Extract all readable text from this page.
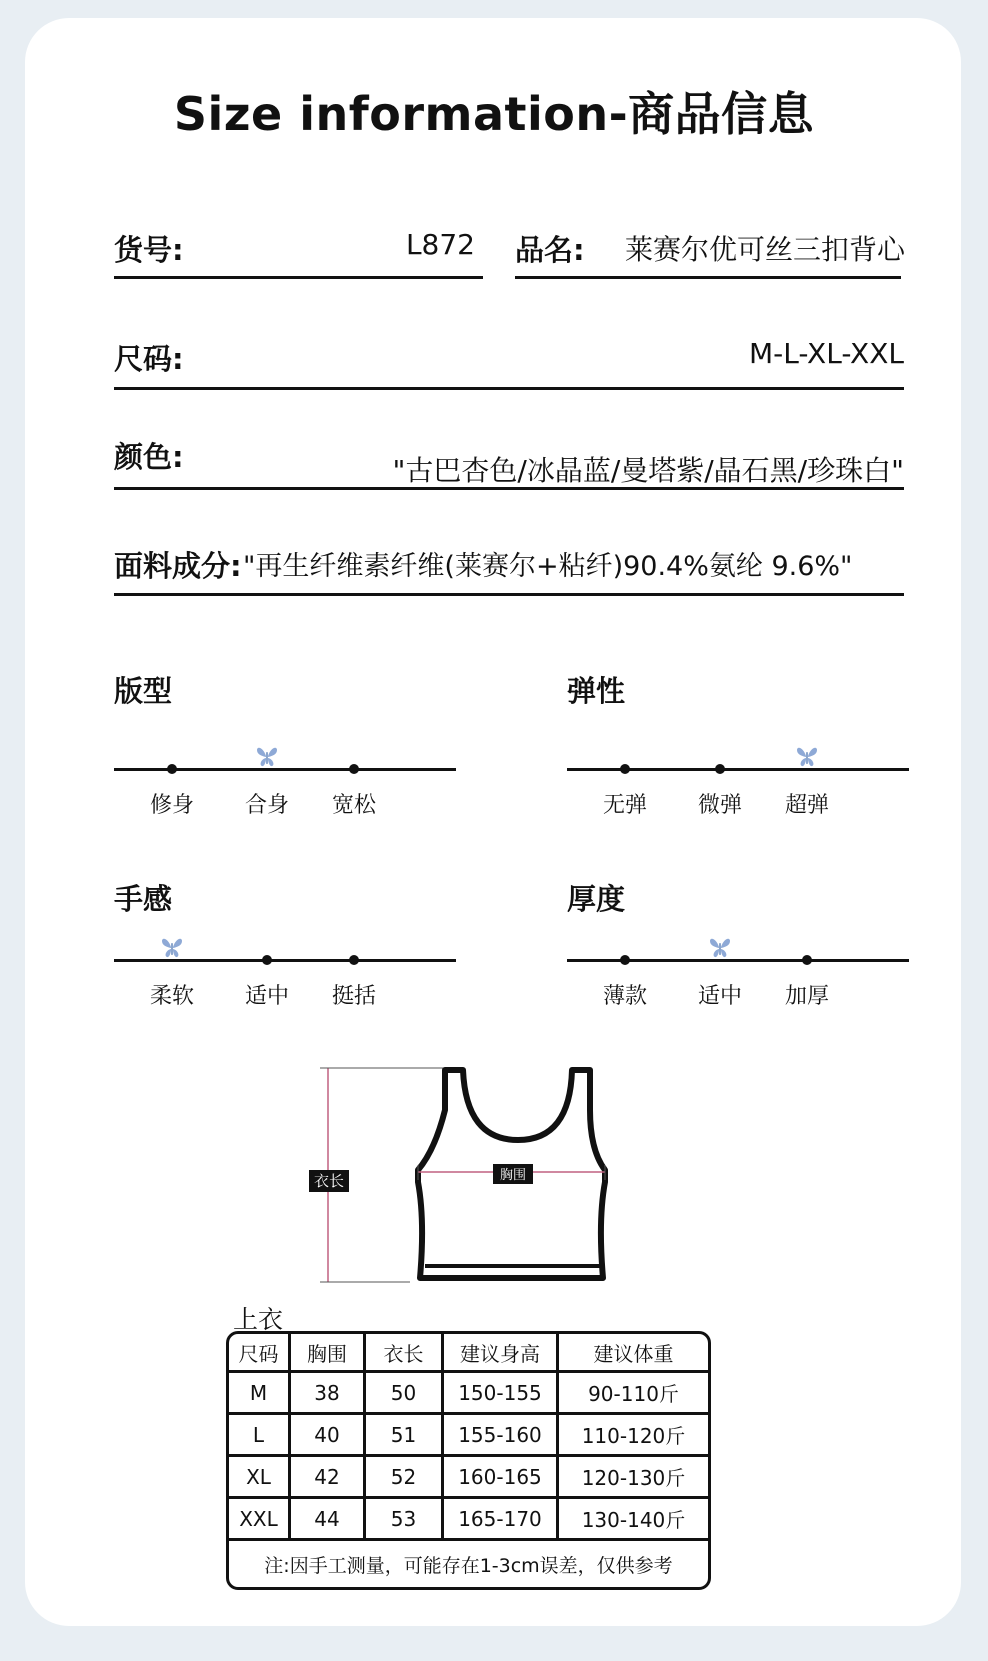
Size information-商品信息
货号:	L872 品名: 莱赛尔优可丝三扣背心
尺码:	M-L-XL-XXL
颜色:	"古巴杏色/冰晶蓝/曼塔紫/晶石黑/珍珠白"
面料成分: "再生纤维素纤维(莱赛尔+粘纤)90.4%氨纶 9.6%"
版型
修身 合身 宽松
弹性
无弹 微弹 超弹
手感
柔软 适中 挺括
厚度
薄款 适中 加厚
衣长	胸围
上衣
尺码	胸围	衣长	建议身高	建议体重
M	38	50	150-155	90-110斤
L	40	51	155-160	110-120斤
XL	42	52	160-165	120-130斤
XXL	44	53	165-170	130-140斤
注:因手工测量，可能存在1-3cm误差，仅供参考				
